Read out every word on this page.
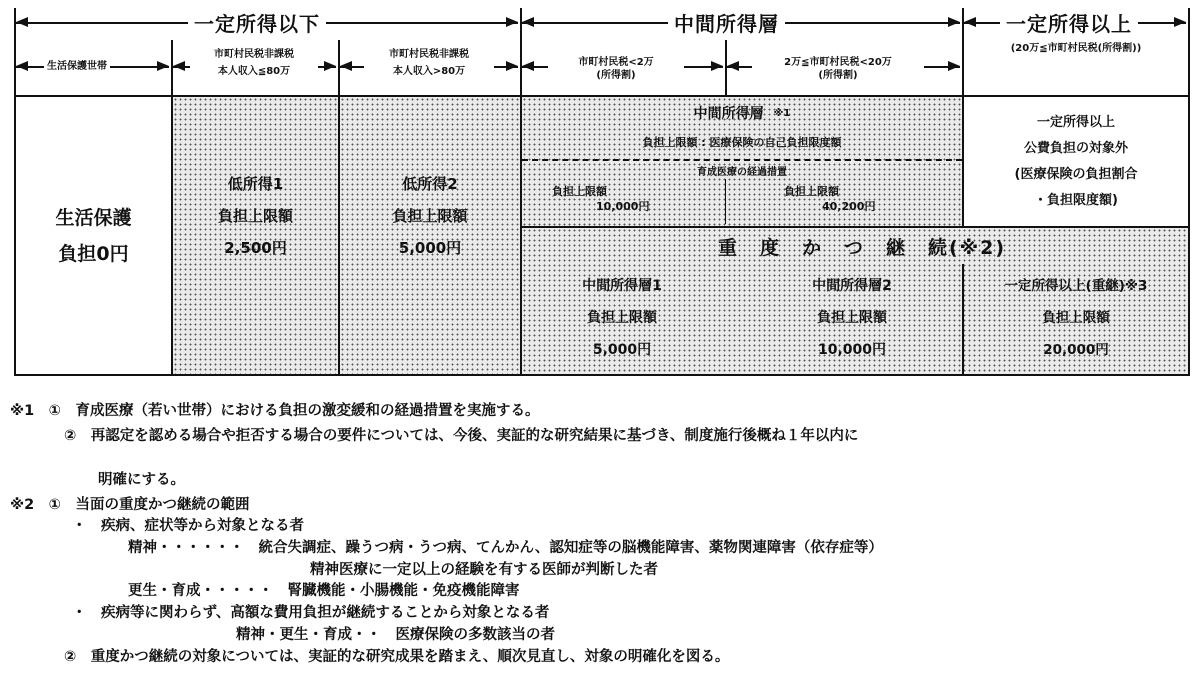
一定所得以下	中間所得層	一定所得以上
(20万≦市町村民税(所得割))
生活保護世帯
市町村民税非課税
本人収入≦80万
市町村民税非課税
本人収入>80万
市町村民税<2万
(所得割)
2万≦市町村民税<20万
(所得割)
生活保護
負担0円
低所得1
負担上限額
2,500円
低所得2
負担上限額
5,000円
中間所得層 ※1
負担上限額 : 医療保険の自己負担限度額
育成医療の経過措置
負担上限額
10,000円
負担上限額
40,200円
一定所得以上
公費負担の対象外
(医療保険の負担割合
・負担限度額)
重　度　か　つ　継　続(※2)
中間所得層1
負担上限額
5,000円
中間所得層2
負担上限額
10,000円
一定所得以上(重継)※3
負担上限額
20,000円
※1　①　育成医療（若い世帯）における負担の激変緩和の経過措置を実施する。
②　再認定を認める場合や拒否する場合の要件については、今後、実証的な研究結果に基づき、制度施行後概ね１年以内に
明確にする。
※2　①　当面の重度かつ継続の範囲
・　疾病、症状等から対象となる者
精神・・・・・・　統合失調症、躁うつ病・うつ病、てんかん、認知症等の脳機能障害、薬物関連障害（依存症等）
精神医療に一定以上の経験を有する医師が判断した者
更生・育成・・・・・　腎臓機能・小腸機能・免疫機能障害
・　疾病等に関わらず、高額な費用負担が継続することから対象となる者
精神・更生・育成・・　医療保険の多数該当の者
②　重度かつ継続の対象については、実証的な研究成果を踏まえ、順次見直し、対象の明確化を図る。
